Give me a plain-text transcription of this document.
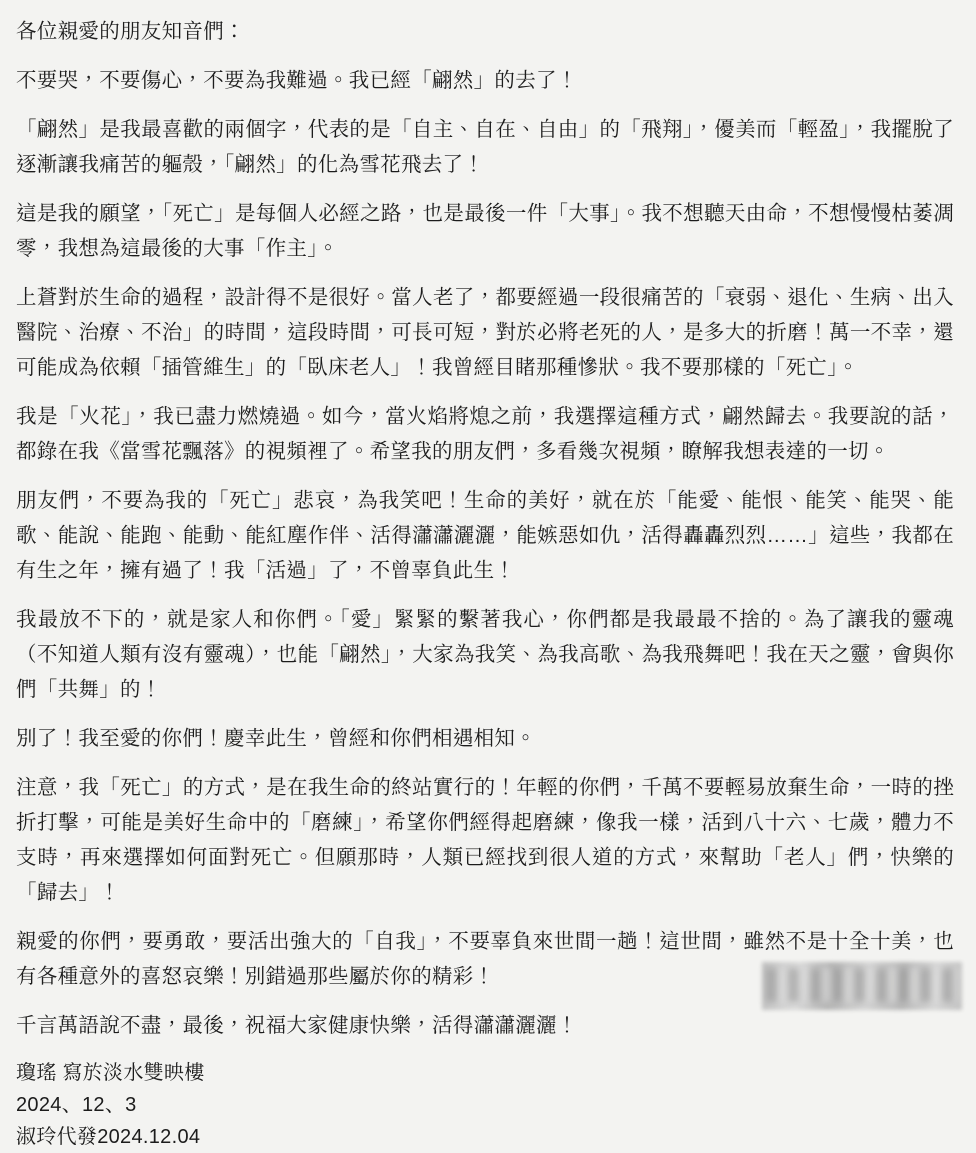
各位親愛的朋友知音們：

不要哭，不要傷心，不要為我難過。我已經「翩然」的去了！

「翩然」是我最喜歡的兩個字，代表的是「自主、自在、自由」的「飛翔」，優美而「輕盈」，我擺脫了逐漸讓我痛苦的軀殼，「翩然」的化為雪花飛去了！

這是我的願望，「死亡」是每個人必經之路，也是最後一件「大事」。我不想聽天由命，不想慢慢枯萎凋零，我想為這最後的大事「作主」。

上蒼對於生命的過程，設計得不是很好。當人老了，都要經過一段很痛苦的「衰弱、退化、生病、出入醫院、治療、不治」的時間，這段時間，可長可短，對於必將老死的人，是多大的折磨！萬一不幸，還可能成為依賴「插管維生」的「臥床老人」！我曾經目睹那種慘狀。我不要那樣的「死亡」。

我是「火花」，我已盡力燃燒過。如今，當火焰將熄之前，我選擇這種方式，翩然歸去。我要說的話，都錄在我《當雪花飄落》的視頻裡了。希望我的朋友們，多看幾次視頻，瞭解我想表達的一切。

朋友們，不要為我的「死亡」悲哀，為我笑吧！生命的美好，就在於「能愛、能恨、能笑、能哭、能歌、能說、能跑、能動、能紅塵作伴、活得瀟瀟灑灑，能嫉惡如仇，活得轟轟烈烈……」這些，我都在有生之年，擁有過了！我「活過」了，不曾辜負此生！

我最放不下的，就是家人和你們。「愛」緊緊的繫著我心，你們都是我最最不捨的。為了讓我的靈魂（不知道人類有沒有靈魂），也能「翩然」，大家為我笑、為我高歌、為我飛舞吧！我在天之靈，會與你們「共舞」的！

別了！我至愛的你們！慶幸此生，曾經和你們相遇相知。

注意，我「死亡」的方式，是在我生命的終站實行的！年輕的你們，千萬不要輕易放棄生命，一時的挫折打擊，可能是美好生命中的「磨練」，希望你們經得起磨練，像我一樣，活到八十六、七歲，體力不支時，再來選擇如何面對死亡。但願那時，人類已經找到很人道的方式，來幫助「老人」們，快樂的「歸去」！

親愛的你們，要勇敢，要活出強大的「自我」，不要辜負來世間一趟！這世間，雖然不是十全十美，也有各種意外的喜怒哀樂！別錯過那些屬於你的精彩！

千言萬語說不盡，最後，祝福大家健康快樂，活得瀟瀟灑灑！

瓊瑤 寫於淡水雙映樓

2024、12、3

淑玲代發2024.12.04
